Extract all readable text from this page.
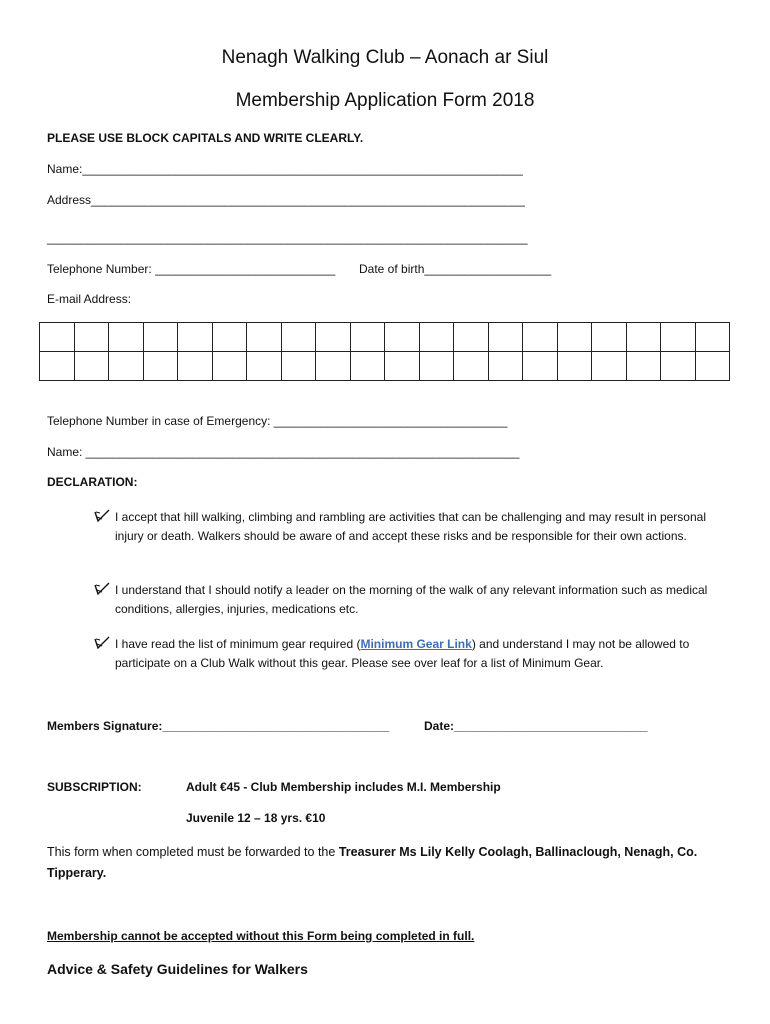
Nenagh Walking Club – Aonach ar Siul
Membership Application Form 2018
PLEASE USE BLOCK CAPITALS AND WRITE CLEARLY.
Name:__________________________________________________________________
Address_________________________________________________________________
________________________________________________________________________
Telephone Number: ___________________________ Date of birth___________________
E-mail Address:

Telephone Number in case of Emergency: ___________________________________
Name: _________________________________________________________________
DECLARATION:
I accept that hill walking, climbing and rambling are activities that can be challenging and may result in personal injury or death. Walkers should be aware of and accept these risks and be responsible for their own actions.
I understand that I should notify a leader on the morning of the walk of any relevant information such as medical conditions, allergies, injuries, medications etc.
I have read the list of minimum gear required (Minimum Gear Link) and understand I may not be allowed to participate on a Club Walk without this gear. Please see over leaf for a list of Minimum Gear.
Members Signature:__________________________________	Date:_____________________________
SUBSCRIPTION:	Adult €45 - Club Membership includes M.I. Membership
Juvenile 12 – 18 yrs. €10
This form when completed must be forwarded to the Treasurer Ms Lily Kelly Coolagh, Ballinaclough, Nenagh, Co. Tipperary.
Membership cannot be accepted without this Form being completed in full.
Advice & Safety Guidelines for Walkers
